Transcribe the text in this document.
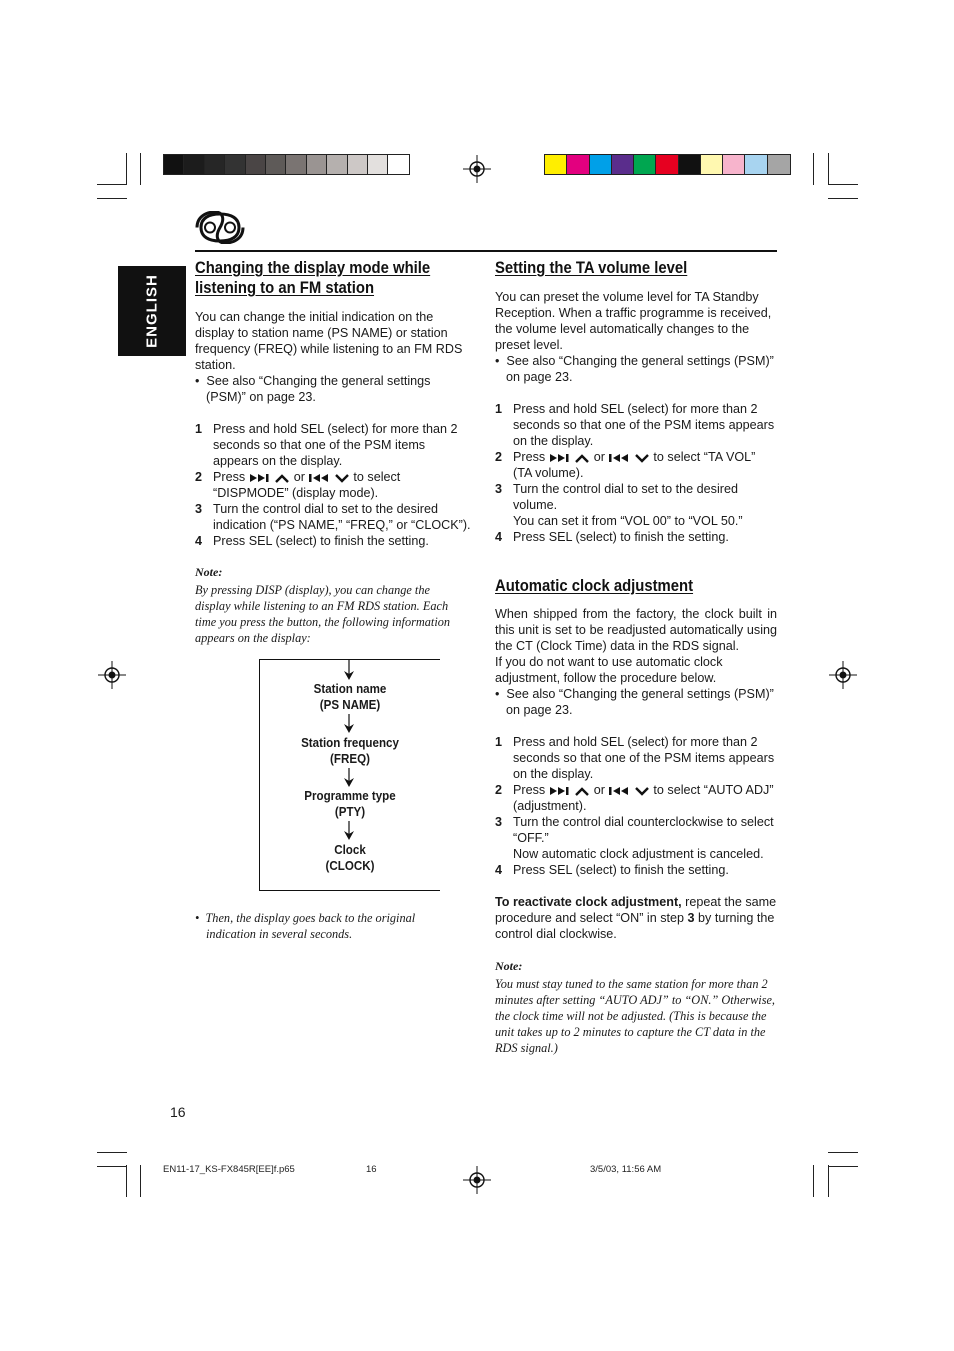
ENGLISH
Changing the display mode while
listening to an FM station

You can change the initial indication on the display to station name (PS NAME) or station frequency (FREQ) while listening to an FM RDS station.

•  See also “Changing the general settings (PSM)” on page 23.

1 Press and hold SEL (select) for more than 2 seconds so that one of the PSM items appears on the display.

2 Press	or	to select “DISPMODE” (display mode).

3 Turn the control dial to set to the desired indication (“PS NAME,” “FREQ,” or “CLOCK”).

4 Press SEL (select) to finish the setting.

Note:
By pressing DISP (display), you can change the display while listening to an FM RDS station. Each time you press the button, the following information appears on the display:
Station name
(PS NAME)
Station frequency
(FREQ)
Programme type
(PTY)
Clock
(CLOCK)
•  Then, the display goes back to the original indication in several seconds.
Setting the TA volume level

You can preset the volume level for TA Standby Reception. When a traffic programme is received, the volume level automatically changes to the preset level.

•  See also “Changing the general settings (PSM)” on page 23.

1 Press and hold SEL (select) for more than 2 seconds so that one of the PSM items appears on the display.

2 Press	or	to select “TA VOL” (TA volume).

3 Turn the control dial to set to the desired volume.
You can set it from “VOL 00” to “VOL 50.”

4 Press SEL (select) to finish the setting.

Automatic clock adjustment

When shipped from the factory, the clock built in this unit is set to be readjusted automatically using the CT (Clock Time) data in the RDS signal.

If you do not want to use automatic clock adjustment, follow the procedure below.

•  See also “Changing the general settings (PSM)” on page 23.

1 Press and hold SEL (select) for more than 2 seconds so that one of the PSM items appears on the display.

2 Press	or	to select “AUTO ADJ” (adjustment).

3 Turn the control dial counterclockwise to select “OFF.”
Now automatic clock adjustment is canceled.

4 Press SEL (select) to finish the setting.

To reactivate clock adjustment, repeat the same procedure and select “ON” in step 3 by turning the control dial clockwise.

Note:
You must stay tuned to the same station for more than 2 minutes after setting “AUTO ADJ” to “ON.” Otherwise, the clock time will not be adjusted. (This is because the unit takes up to 2 minutes to capture the CT data in the RDS signal.)
16
EN11-17_KS-FX845R[EE]f.p65	16	3/5/03, 11:56 AM
